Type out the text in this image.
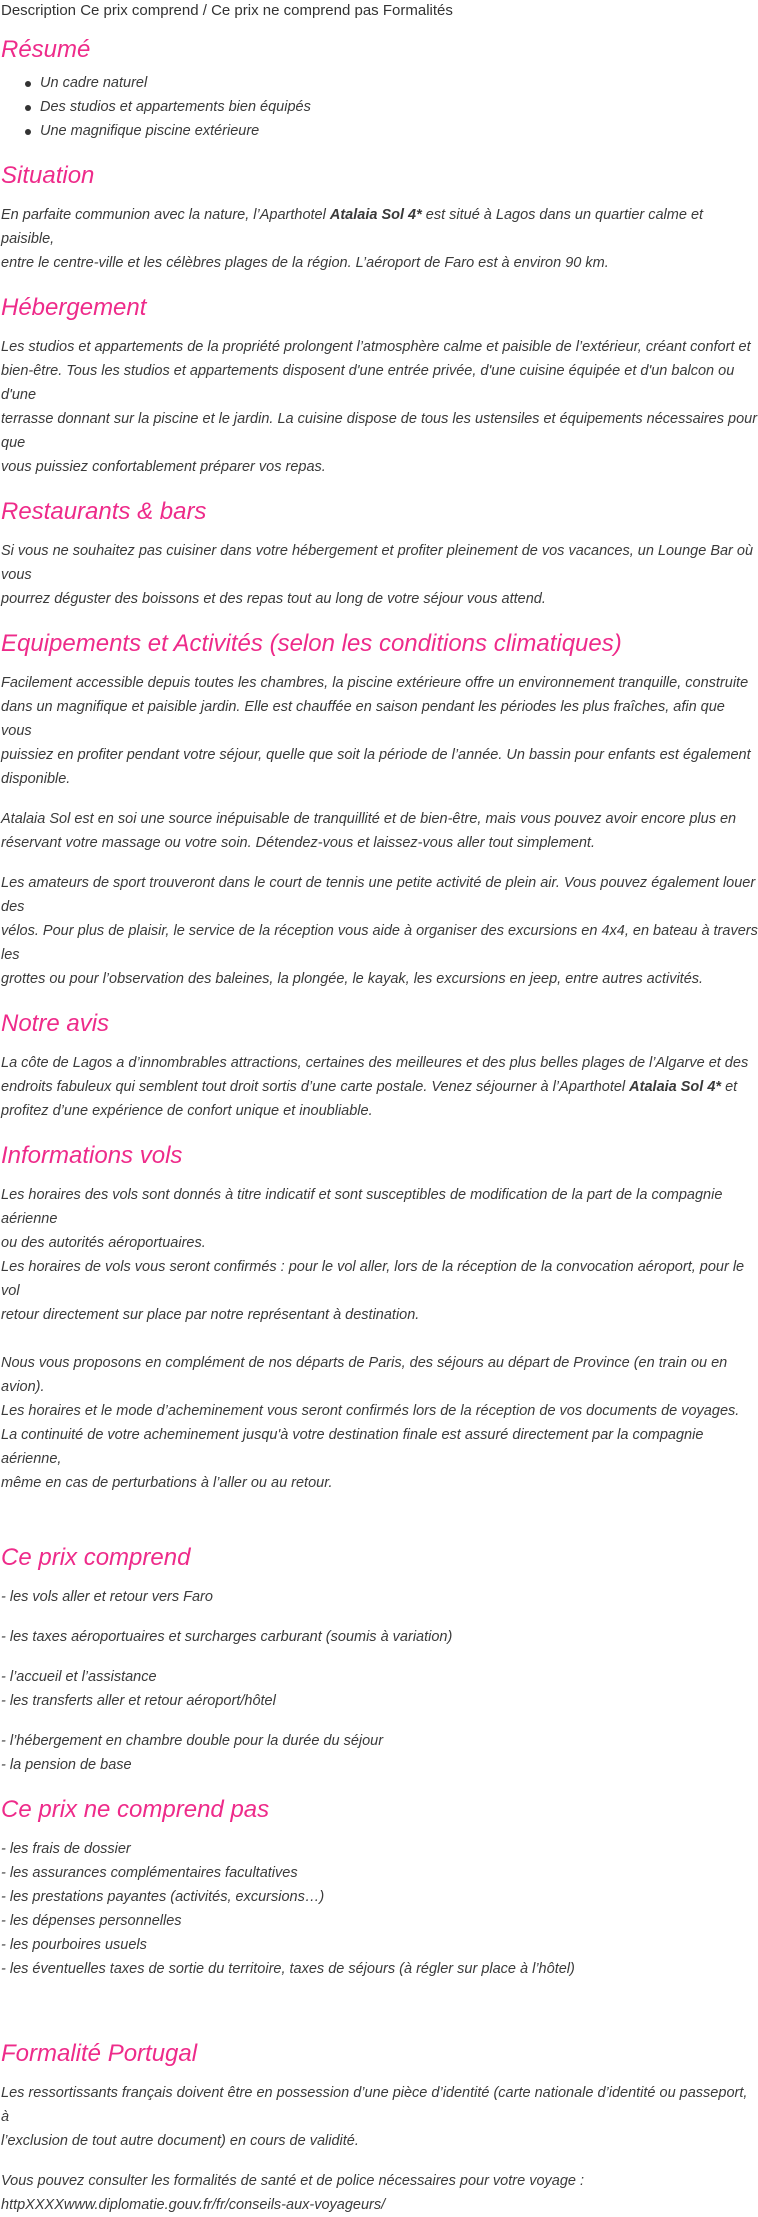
Description Ce prix comprend / Ce prix ne comprend pas Formalités
Résumé
Un cadre naturel
Des studios et appartements bien équipés
Une magnifique piscine extérieure
Situation

En parfaite communion avec la nature, l’Aparthotel Atalaia Sol 4* est situé à Lagos dans un quartier calme et paisible,

entre le centre-ville et les célèbres plages de la région. L’aéroport de Faro est à environ 90 km.

Hébergement

Les studios et appartements de la propriété prolongent l’atmosphère calme et paisible de l’extérieur, créant confort et

bien-être. Tous les studios et appartements disposent d'une entrée privée, d'une cuisine équipée et d'un balcon ou d'une

terrasse donnant sur la piscine et le jardin. La cuisine dispose de tous les ustensiles et équipements nécessaires pour que

vous puissiez confortablement préparer vos repas.

Restaurants & bars

Si vous ne souhaitez pas cuisiner dans votre hébergement et profiter pleinement de vos vacances, un Lounge Bar où vous

pourrez déguster des boissons et des repas tout au long de votre séjour vous attend.

Equipements et Activités (selon les conditions climatiques)

Facilement accessible depuis toutes les chambres, la piscine extérieure offre un environnement tranquille, construite

dans un magnifique et paisible jardin. Elle est chauffée en saison pendant les périodes les plus fraîches, afin que vous

puissiez en profiter pendant votre séjour, quelle que soit la période de l’année. Un bassin pour enfants est également

disponible.

Atalaia Sol est en soi une source inépuisable de tranquillité et de bien-être, mais vous pouvez avoir encore plus en

réservant votre massage ou votre soin. Détendez-vous et laissez-vous aller tout simplement.

Les amateurs de sport trouveront dans le court de tennis une petite activité de plein air. Vous pouvez également louer des

vélos. Pour plus de plaisir, le service de la réception vous aide à organiser des excursions en 4x4, en bateau à travers les

grottes ou pour l’observation des baleines, la plongée, le kayak, les excursions en jeep, entre autres activités.

Notre avis

La côte de Lagos a d’innombrables attractions, certaines des meilleures et des plus belles plages de l’Algarve et des

endroits fabuleux qui semblent tout droit sortis d’une carte postale. Venez séjourner à l’Aparthotel Atalaia Sol 4* et

profitez d’une expérience de confort unique et inoubliable.

Informations vols

Les horaires des vols sont donnés à titre indicatif et sont susceptibles de modification de la part de la compagnie aérienne

ou des autorités aéroportuaires.

Les horaires de vols vous seront confirmés : pour le vol aller, lors de la réception de la convocation aéroport, pour le vol

retour directement sur place par notre représentant à destination.

Nous vous proposons en complément de nos départs de Paris, des séjours au départ de Province (en train ou en avion).

Les horaires et le mode d’acheminement vous seront confirmés lors de la réception de vos documents de voyages.

La continuité de votre acheminement jusqu'à votre destination finale est assuré directement par la compagnie aérienne,

même en cas de perturbations à l’aller ou au retour.

Ce prix comprend

- les vols aller et retour vers Faro

- les taxes aéroportuaires et surcharges carburant (soumis à variation)

- l’accueil et l’assistance

- les transferts aller et retour aéroport/hôtel

- l’hébergement en chambre double pour la durée du séjour

- la pension de base

Ce prix ne comprend pas

- les frais de dossier

- les assurances complémentaires facultatives

- les prestations payantes (activités, excursions…)

- les dépenses personnelles

- les pourboires usuels

- les éventuelles taxes de sortie du territoire, taxes de séjours (à régler sur place à l’hôtel)

Formalité Portugal

Les ressortissants français doivent être en possession d’une pièce d’identité (carte nationale d’identité ou passeport, à

l’exclusion de tout autre document) en cours de validité.

Vous pouvez consulter les formalités de santé et de police nécessaires pour votre voyage :

httpXXXXwww.diplomatie.gouv.fr/fr/conseils-aux-voyageurs/
